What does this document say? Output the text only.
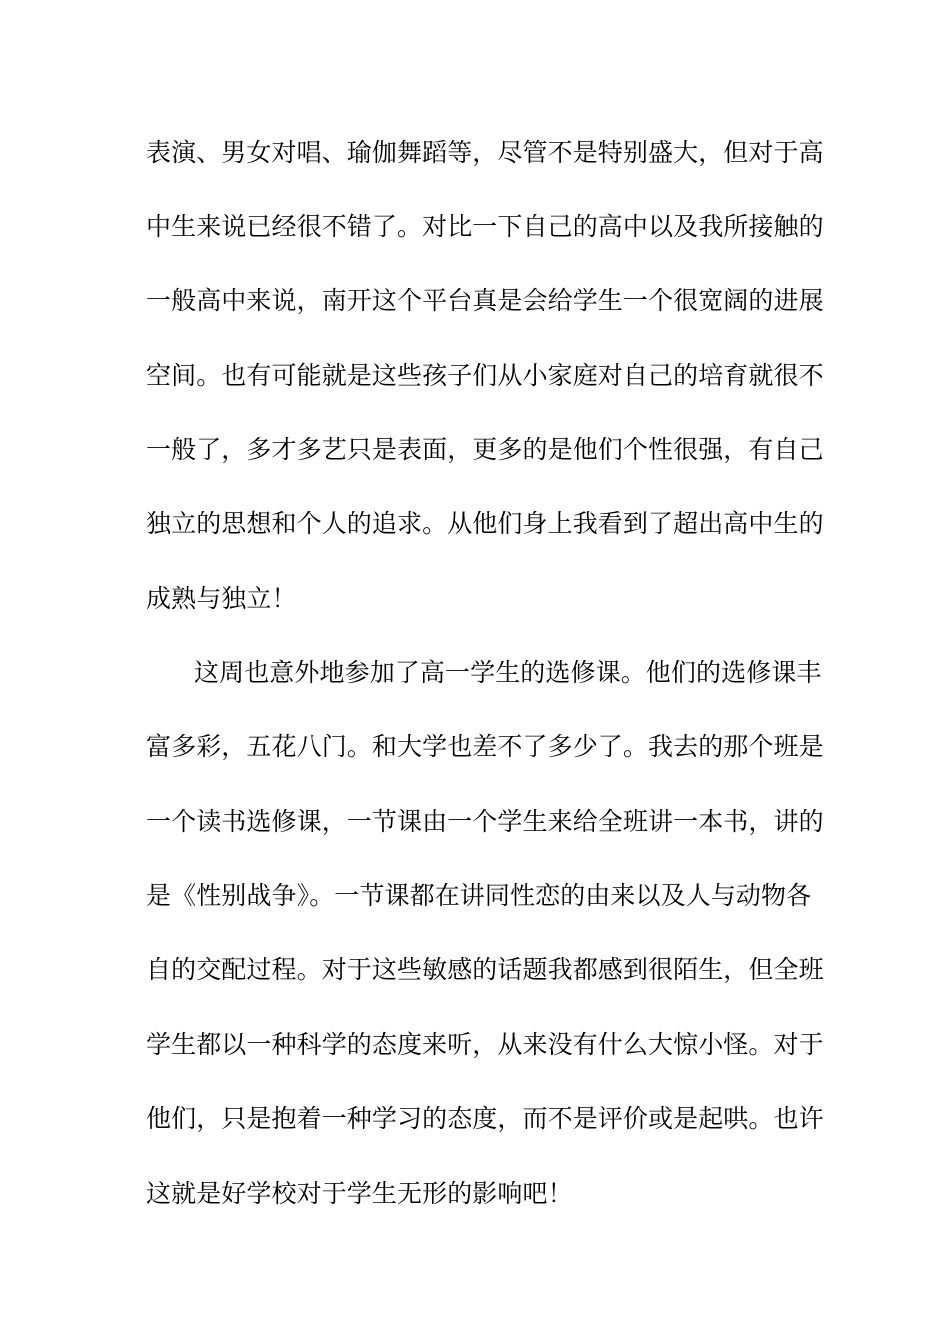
表演、男女对唱、瑜伽舞蹈等，尽管不是特别盛大，但对于高
中生来说已经很不错了。对比一下自己的高中以及我所接触的
一般高中来说，南开这个平台真是会给学生一个很宽阔的进展
空间。也有可能就是这些孩子们从小家庭对自己的培育就很不
一般了，多才多艺只是表面，更多的是他们个性很强，有自己
独立的思想和个人的追求。从他们身上我看到了超出高中生的
成熟与独立！
这周也意外地参加了高一学生的选修课。他们的选修课丰
富多彩，五花八门。和大学也差不了多少了。我去的那个班是
一个读书选修课，一节课由一个学生来给全班讲一本书，讲的
是《性别战争》。一节课都在讲同性恋的由来以及人与动物各
自的交配过程。对于这些敏感的话题我都感到很陌生，但全班
学生都以一种科学的态度来听，从来没有什么大惊小怪。对于
他们，只是抱着一种学习的态度，而不是评价或是起哄。也许
这就是好学校对于学生无形的影响吧！
